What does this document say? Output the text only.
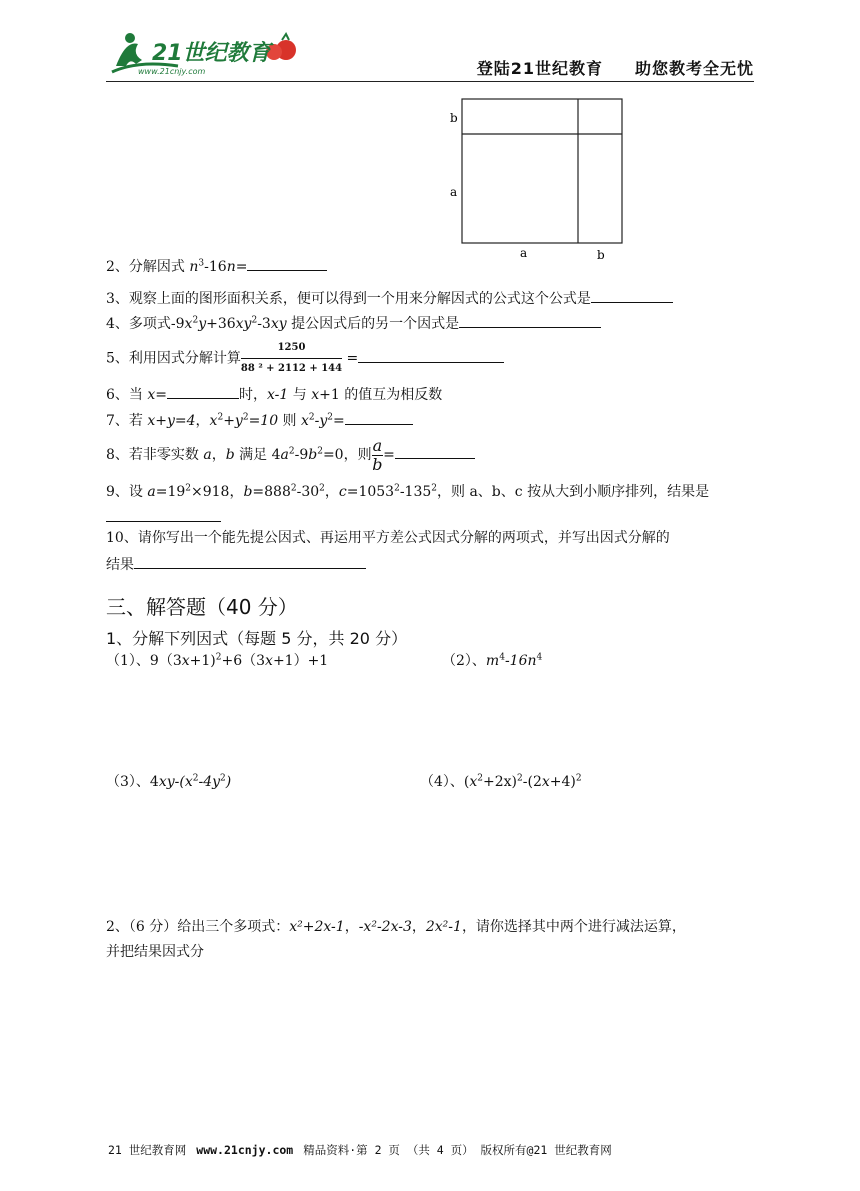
21世纪教育
www.21cnjy.com	登陆21世纪教育 助您教考全无忧
b
a
a	b
2、分解因式 $n^3-16n=$
3、观察上面的图形面积关系，便可以得到一个用来分解因式的公式这个公式是
4、多项式$-9x^2y+36xy^2-3xy$ 提公因式后的另一个因式是
5、利用因式分解计算 $\frac{1250}{\text{88 ² + 2112 + 144}}$ =
6、当 x=	时，x-1 与 x+1 的值互为相反数
7、若 x+y=4，$x^2+y^2=10$ 则 $x^2-y^2=$
8、若非零实数 a，b 满足 $4a^2-9b^2=0$，则 $\frac{a}{b}$ =
9、设 $a=19^2\times 918$，$b=888^2-30^2$，$c=1053^2-135^2$，则 a、b、c 按从大到小顺序排列，结果是
10、请你写出一个能先提公因式、再运用平方差公式因式分解的两项式，并写出因式分解的
结果
三、解答题（40 分）
1、分解下列因式（每题 5 分，共 20 分）
（1）、9（3x+1)$^2$+6（3x+1）+1	（2）、$m^4-16n^4$
（3）、$4xy-(x^2-4y^2)$	（4）、$(x^2+2x)^2-(2x+4)^2$
2、（6 分）给出三个多项式：x²+2x-1，-x²-2x-3，2x²-1，请你选择其中两个进行减法运算，
并把结果因式分
21 世纪教育网 www.21cnjy.com 精品资料·第 2 页 （共 4 页） 版权所有@21 世纪教育网
